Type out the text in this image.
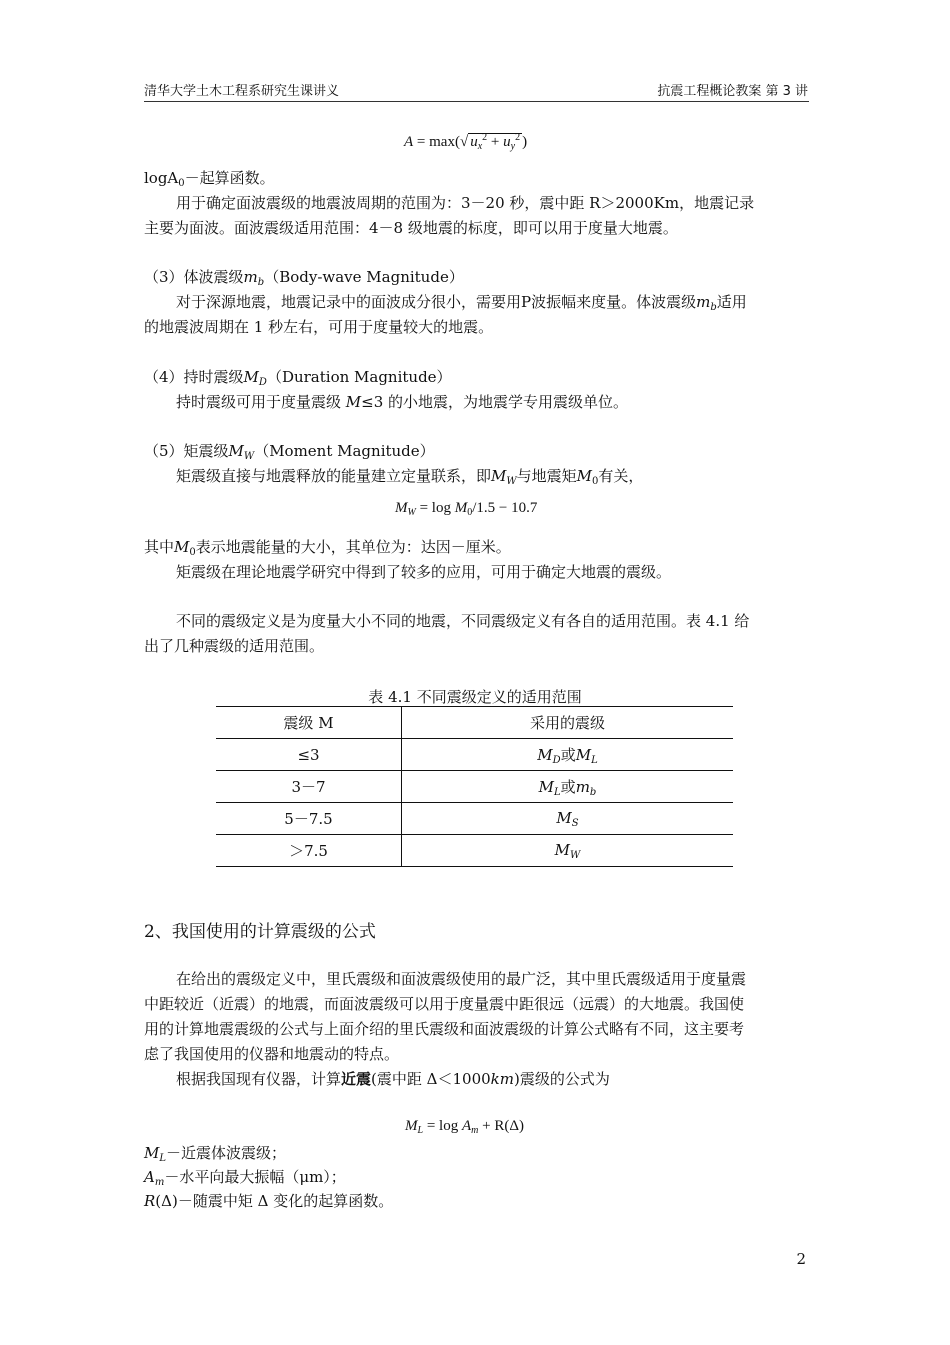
清华大学土木工程系研究生课讲义	抗震工程概论教案 第 3 讲
A = max(√ $u_x^2 + u_y^2$ )
logA$_0$－起算函数。
用于确定面波震级的地震波周期的范围为：3－20 秒，震中距 R＞2000Km，地震记录
主要为面波。面波震级适用范围：4－8 级地震的标度，即可以用于度量大地震。
（3）体波震级$m_b(Body$-wave Magnitude）
对于深源地震，地震记录中的面波成分很小，需要用P波振幅来度量。体波震级$m_b$适用
的地震波周期在 1 秒左右，可用于度量较大的地震。
（4）持时震级$M_D(Duration$ Magnitude）
持时震级可用于度量震级 M≤3 的小地震，为地震学专用震级单位。
（5）矩震级$M_W(Moment$ Magnitude）
矩震级直接与地震释放的能量建立定量联系，即$M_W$与地震矩$M_0$有关，
$M_W = \log M_0/1.5 - 10.7$
其中$M_0$表示地震能量的大小，其单位为：达因－厘米。
矩震级在理论地震学研究中得到了较多的应用，可用于确定大地震的震级。
不同的震级定义是为度量大小不同的地震，不同震级定义有各自的适用范围。表 4.1 给
出了几种震级的适用范围。
表 4.1 不同震级定义的适用范围
震级 M	采用的震级
≤3	$M_D$或$M_L$
3－7	$M_L$或$m_b$
5－7.5	$M_S$
＞7.5	$M_W$
2、我国使用的计算震级的公式
在给出的震级定义中，里氏震级和面波震级使用的最广泛，其中里氏震级适用于度量震
中距较近（近震）的地震，而面波震级可以用于度量震中距很远（远震）的大地震。我国使
用的计算地震震级的公式与上面介绍的里氏震级和面波震级的计算公式略有不同，这主要考
虑了我国使用的仪器和地震动的特点。
根据我国现有仪器，计算近震(震中距 Δ＜1000km)震级的公式为
$M_L = \log A_m + R(\Delta)$
$M_L-$近震体波震级；
$A_m-$水平向最大振幅（μm）；
R(Δ)－随震中矩 Δ 变化的起算函数。
2
